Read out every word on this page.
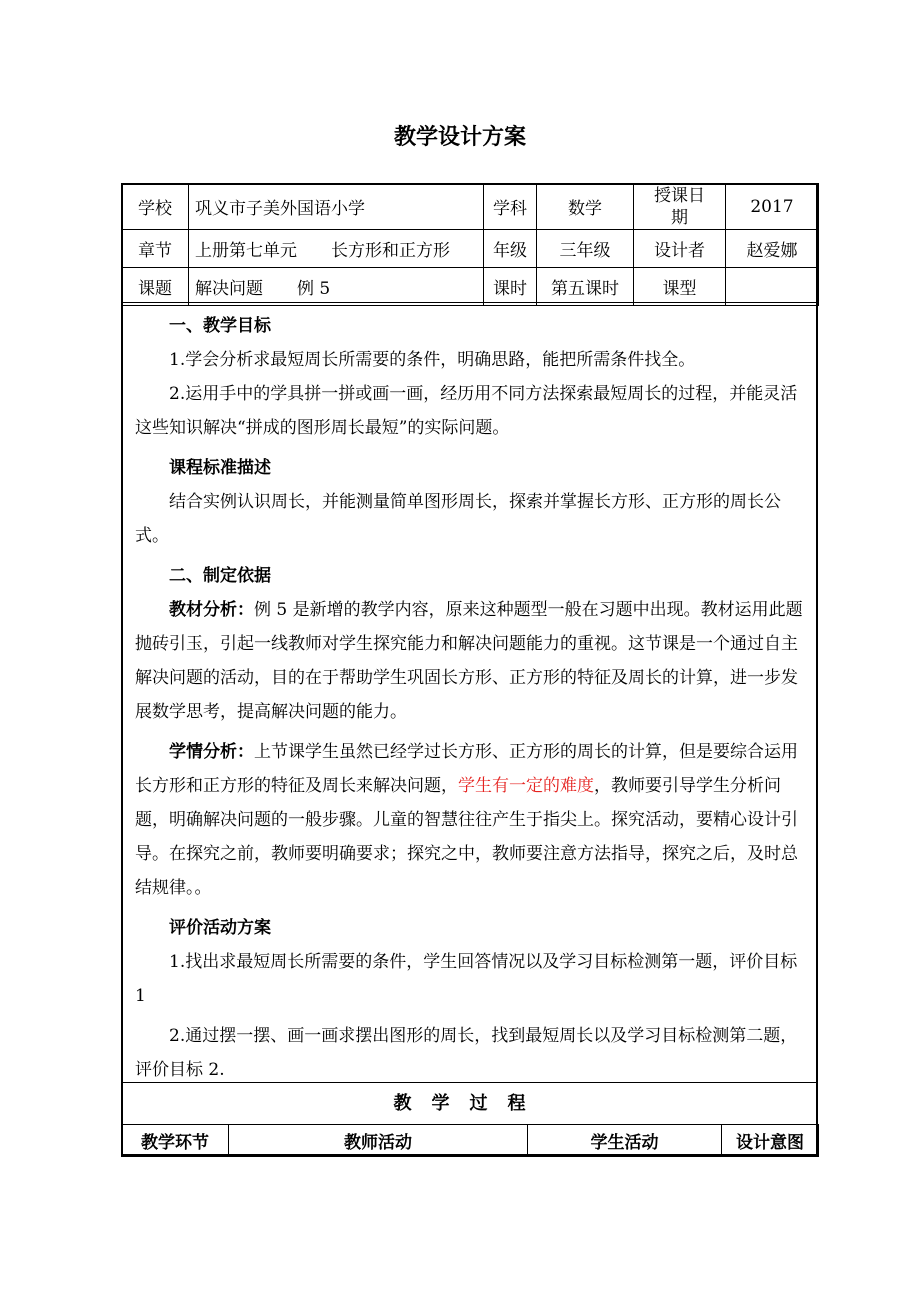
教学设计方案
学校	巩义市子美外国语小学	学科	数学	授课日期	2017
章节	上册第七单元　　长方形和正方形	年级	三年级	设计者	赵爱娜
课题	解决问题　　例 5	课时	第五课时	课型	

一、教学目标

1.学会分析求最短周长所需要的条件，明确思路，能把所需条件找全。

2.运用手中的学具拼一拼或画一画，经历用不同方法探索最短周长的过程，并能灵活这些知识解决“拼成的图形周长最短”的实际问题。

课程标准描述

结合实例认识周长，并能测量简单图形周长，探索并掌握长方形、正方形的周长公式。

二、制定依据

教材分析：例 5 是新增的教学内容，原来这种题型一般在习题中出现。教材运用此题抛砖引玉，引起一线教师对学生探究能力和解决问题能力的重视。这节课是一个通过自主解决问题的活动，目的在于帮助学生巩固长方形、正方形的特征及周长的计算，进一步发展数学思考，提高解决问题的能力。

学情分析：上节课学生虽然已经学过长方形、正方形的周长的计算，但是要综合运用长方形和正方形的特征及周长来解决问题，学生有一定的难度，教师要引导学生分析问题，明确解决问题的一般步骤。儿童的智慧往往产生于指尖上。探究活动，要精心设计引导。在探究之前，教师要明确要求；探究之中，教师要注意方法指导，探究之后，及时总结规律。。

评价活动方案

1.找出求最短周长所需要的条件，学生回答情况以及学习目标检测第一题，评价目标 1

2.通过摆一摆、画一画求摆出图形的周长，找到最短周长以及学习目标检测第二题，评价目标 2.

教学过程
教学环节	教师活动	学生活动	设计意图
